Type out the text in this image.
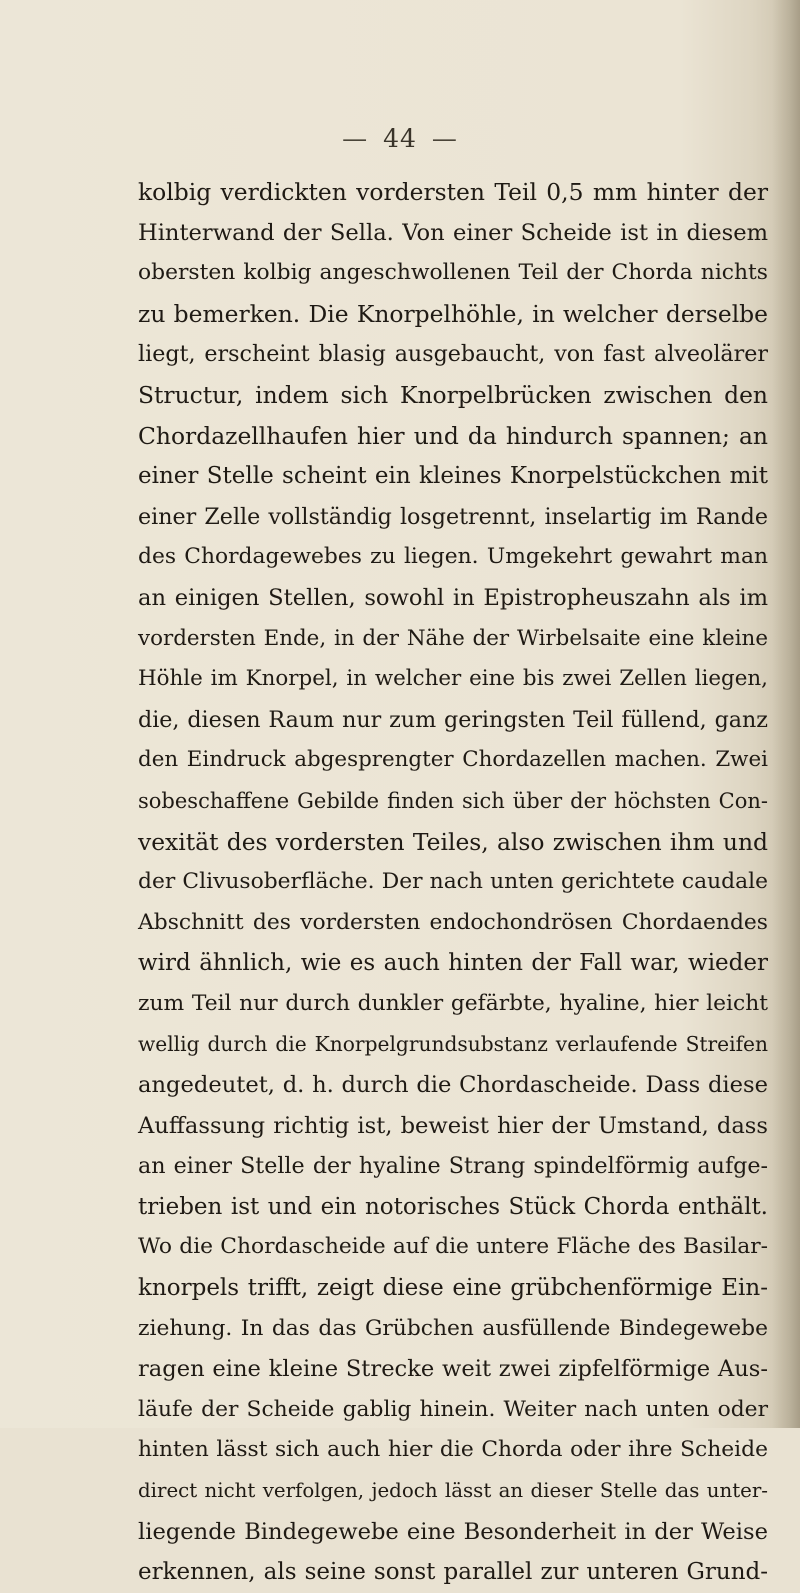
— 44 —
kolbig verdickten vordersten Teil 0,5 mm hinter der
Hinterwand der Sella. Von einer Scheide ist in diesem
obersten kolbig angeschwollenen Teil der Chorda nichts
zu bemerken. Die Knorpelhöhle, in welcher derselbe
liegt, erscheint blasig ausgebaucht, von fast alveolärer
Structur, indem sich Knorpelbrücken zwischen den
Chordazellhaufen hier und da hindurch spannen; an
einer Stelle scheint ein kleines Knorpelstückchen mit
einer Zelle vollständig losgetrennt, inselartig im Rande
des Chordagewebes zu liegen. Umgekehrt gewahrt man
an einigen Stellen, sowohl in Epistropheuszahn als im
vordersten Ende, in der Nähe der Wirbelsaite eine kleine
Höhle im Knorpel, in welcher eine bis zwei Zellen liegen,
die, diesen Raum nur zum geringsten Teil füllend, ganz
den Eindruck abgesprengter Chordazellen machen. Zwei
sobeschaffene Gebilde finden sich über der höchsten Con-
vexität des vordersten Teiles, also zwischen ihm und
der Clivusoberfläche. Der nach unten gerichtete caudale
Abschnitt des vordersten endochondrösen Chordaendes
wird ähnlich, wie es auch hinten der Fall war, wieder
zum Teil nur durch dunkler gefärbte, hyaline, hier leicht
wellig durch die Knorpelgrundsubstanz verlaufende Streifen
angedeutet, d. h. durch die Chordascheide. Dass diese
Auffassung richtig ist, beweist hier der Umstand, dass
an einer Stelle der hyaline Strang spindelförmig aufge-
trieben ist und ein notorisches Stück Chorda enthält.
Wo die Chordascheide auf die untere Fläche des Basilar-
knorpels trifft, zeigt diese eine grübchenförmige Ein-
ziehung. In das das Grübchen ausfüllende Bindegewebe
ragen eine kleine Strecke weit zwei zipfelförmige Aus-
läufe der Scheide gablig hinein. Weiter nach unten oder
hinten lässt sich auch hier die Chorda oder ihre Scheide
direct nicht verfolgen, jedoch lässt an dieser Stelle das unter-
liegende Bindegewebe eine Besonderheit in der Weise
erkennen, als seine sonst parallel zur unteren Grund-
